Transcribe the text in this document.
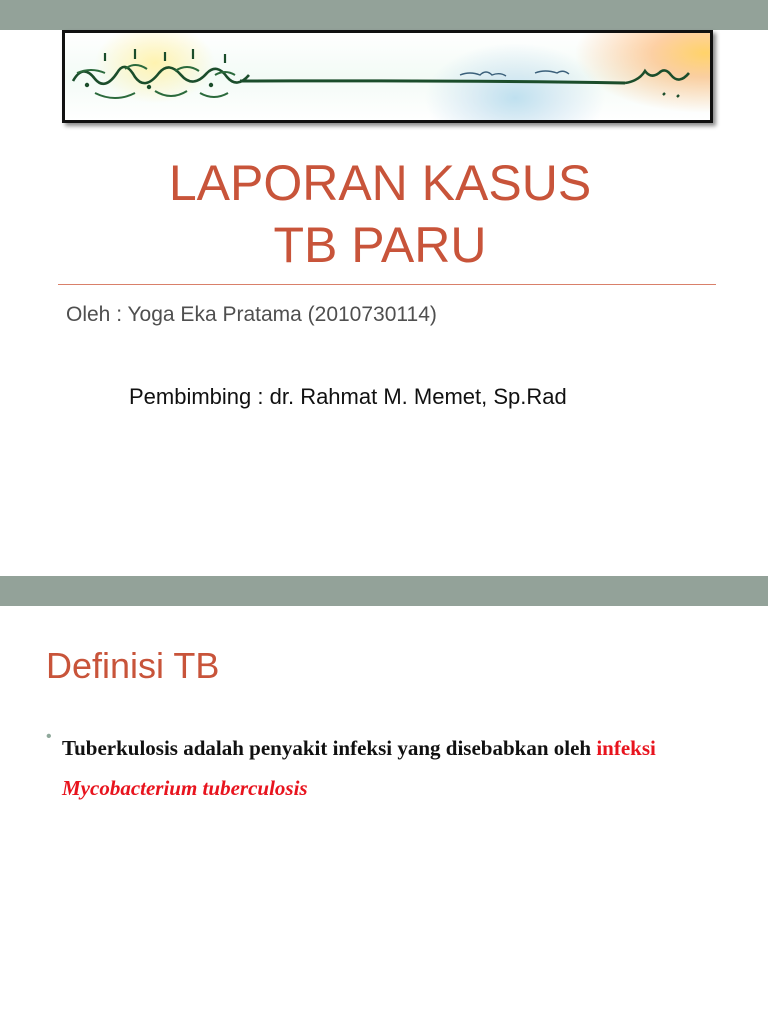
LAPORAN KASUS
TB PARU
Oleh : Yoga Eka Pratama (2010730114)
Pembimbing : dr. Rahmat M. Memet, Sp.Rad
Definisi TB
• Tuberkulosis adalah penyakit infeksi yang disebabkan oleh infeksi
Mycobacterium tuberculosis
